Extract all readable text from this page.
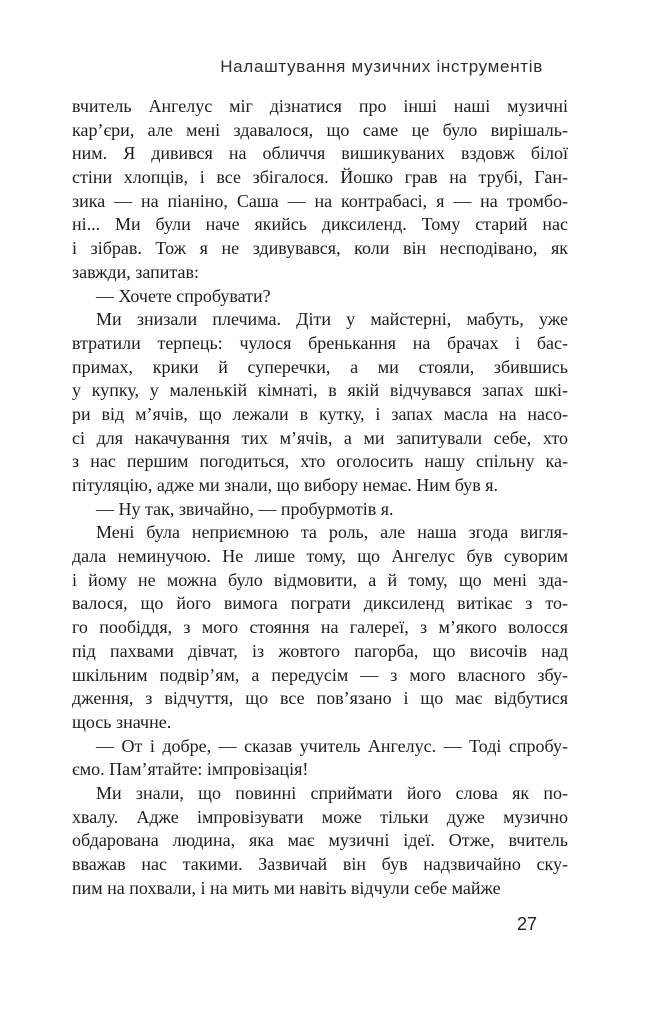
Налаштування музичних інструментів
вчитель Ангелус міг дізнатися про інші наші музичні
кар’єри, але мені здавалося, що саме це було вирішаль-
ним. Я дивився на обличчя вишикуваних вздовж білої
стіни хлопців, і все збігалося. Йошко грав на трубі, Ган-
зика — на піаніно, Саша — на контрабасі, я — на тромбо-
ні... Ми були наче якийсь диксиленд. Тому старий нас
і зібрав. Тож я не здивувався, коли він несподівано, як
завжди, запитав:
— Хочете спробувати?
Ми знизали плечима. Діти у майстерні, мабуть, уже
втратили терпець: чулося бренькання на брачах і бас-
примах, крики й суперечки, а ми стояли, збившись
у купку, у маленькій кімнаті, в якій відчувався запах шкі-
ри від м’ячів, що лежали в кутку, і запах масла на насо-
сі для накачування тих м’ячів, а ми запитували себе, хто
з нас першим погодиться, хто оголосить нашу спільну ка-
пітуляцію, адже ми знали, що вибору немає. Ним був я.
— Ну так, звичайно, — пробурмотів я.
Мені була неприємною та роль, але наша згода вигля-
дала неминучою. Не лише тому, що Ангелус був суворим
і йому не можна було відмовити, а й тому, що мені зда-
валося, що його вимога пограти диксиленд витікає з то-
го пообіддя, з мого стояння на галереї, з м’якого волосся
під пахвами дівчат, із жовтого пагорба, що височів над
шкільним подвір’ям, а передусім — з мого власного збу-
дження, з відчуття, що все пов’язано і що має відбутися
щось значне.
— От і добре, — сказав учитель Ангелус. — Тоді спробу-
ємо. Пам’ятайте: імпровізація!
Ми знали, що повинні сприймати його слова як по-
хвалу. Адже імпровізувати може тільки дуже музично
обдарована людина, яка має музичні ідеї. Отже, вчитель
вважав нас такими. Зазвичай він був надзвичайно ску-
пим на похвали, і на мить ми навіть відчули себе майже
27
